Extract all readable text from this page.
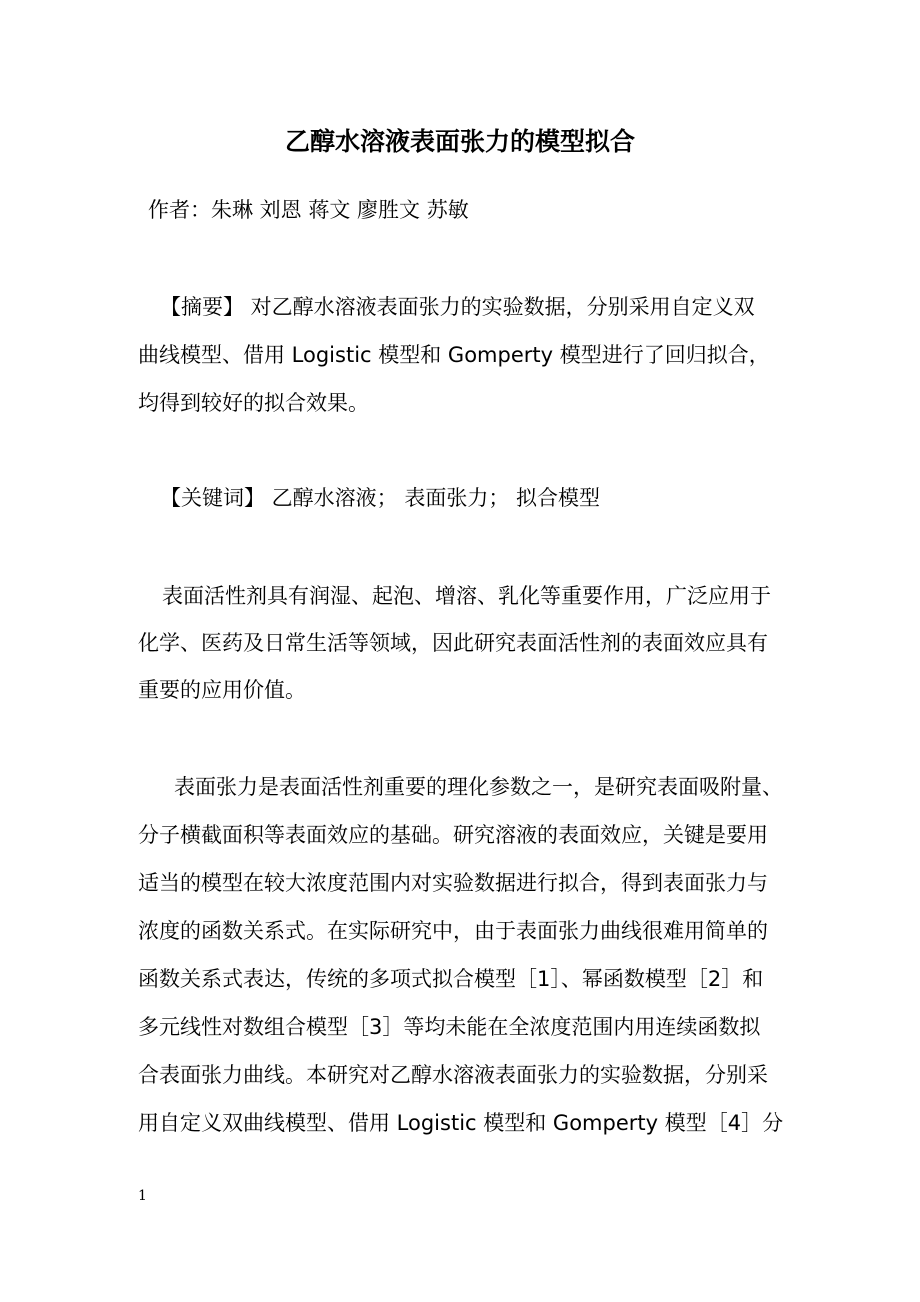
乙醇水溶液表面张力的模型拟合
作者：朱琳 刘恩 蒋文 廖胜文 苏敏
【摘要】 对乙醇水溶液表面张力的实验数据，分别采用自定义双
曲线模型、借用 Logistic 模型和 Gomperty 模型进行了回归拟合，
均得到较好的拟合效果。
【关键词】 乙醇水溶液； 表面张力； 拟合模型
表面活性剂具有润湿、起泡、增溶、乳化等重要作用，广泛应用于
化学、医药及日常生活等领域，因此研究表面活性剂的表面效应具有
重要的应用价值。
表面张力是表面活性剂重要的理化参数之一，是研究表面吸附量、
分子横截面积等表面效应的基础。研究溶液的表面效应，关键是要用
适当的模型在较大浓度范围内对实验数据进行拟合，得到表面张力与
浓度的函数关系式。在实际研究中，由于表面张力曲线很难用简单的
函数关系式表达，传统的多项式拟合模型［1］、幂函数模型［2］和
多元线性对数组合模型［3］等均未能在全浓度范围内用连续函数拟
合表面张力曲线。本研究对乙醇水溶液表面张力的实验数据，分别采
用自定义双曲线模型、借用 Logistic 模型和 Gomperty 模型［4］分
1
